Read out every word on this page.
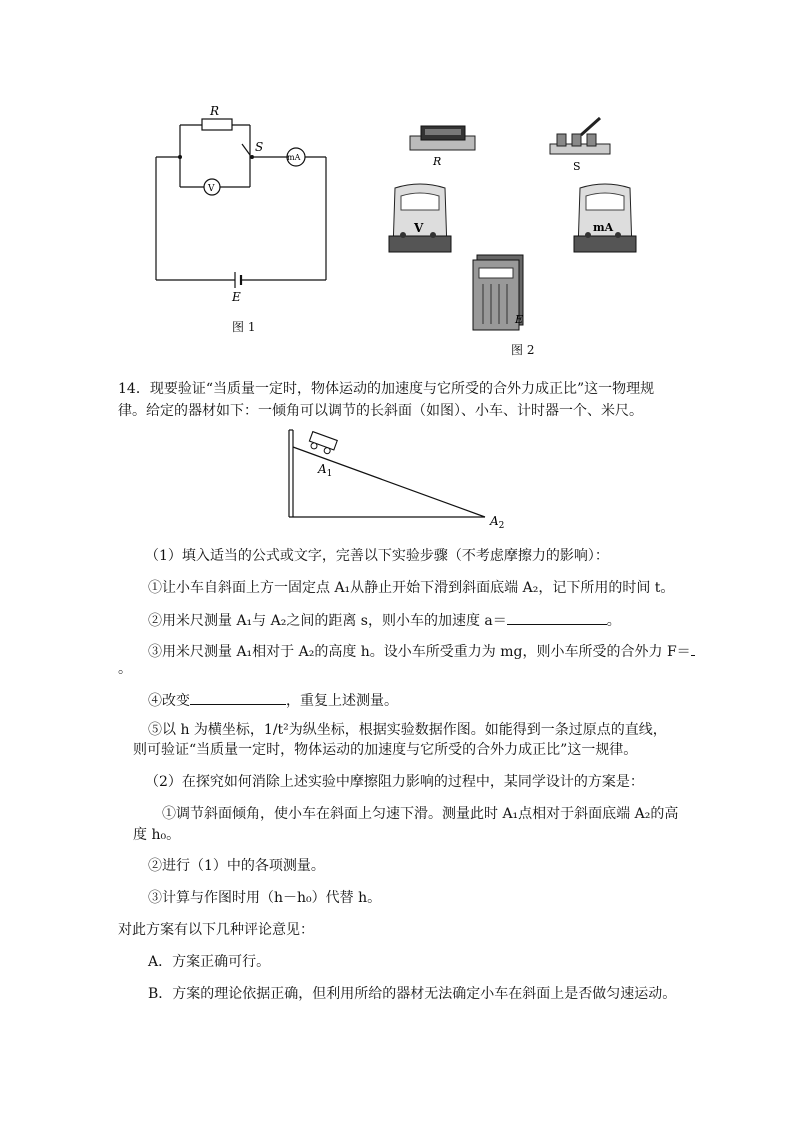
R
S
mA
V
E
图 1
R	S
V	mA
E
图 2
14．现要验证“当质量一定时，物体运动的加速度与它所受的合外力成正比”这一物理规
律。给定的器材如下：一倾角可以调节的长斜面（如图）、小车、计时器一个、米尺。
$A_1$
$A_2$
（1）填入适当的公式或文字，完善以下实验步骤（不考虑摩擦力的影响）：
①让小车自斜面上方一固定点 A₁从静止开始下滑到斜面底端 A₂，记下所用的时间 t。
②用米尺测量 A₁与 A₂之间的距离 s，则小车的加速度 a＝	。
③用米尺测量 A₁相对于 A₂的高度 h。设小车所受重力为 mg，则小车所受的合外力 F＝
。
④改变	，重复上述测量。
⑤以 h 为横坐标，1/t²为纵坐标，根据实验数据作图。如能得到一条过原点的直线，
则可验证“当质量一定时，物体运动的加速度与它所受的合外力成正比”这一规律。
（2）在探究如何消除上述实验中摩擦阻力影响的过程中，某同学设计的方案是：
①调节斜面倾角，使小车在斜面上匀速下滑。测量此时 A₁点相对于斜面底端 A₂的高
度 h₀。
②进行（1）中的各项测量。
③计算与作图时用（h－h₀）代替 h。
对此方案有以下几种评论意见：
A．方案正确可行。
B．方案的理论依据正确，但利用所给的器材无法确定小车在斜面上是否做匀速运动。
